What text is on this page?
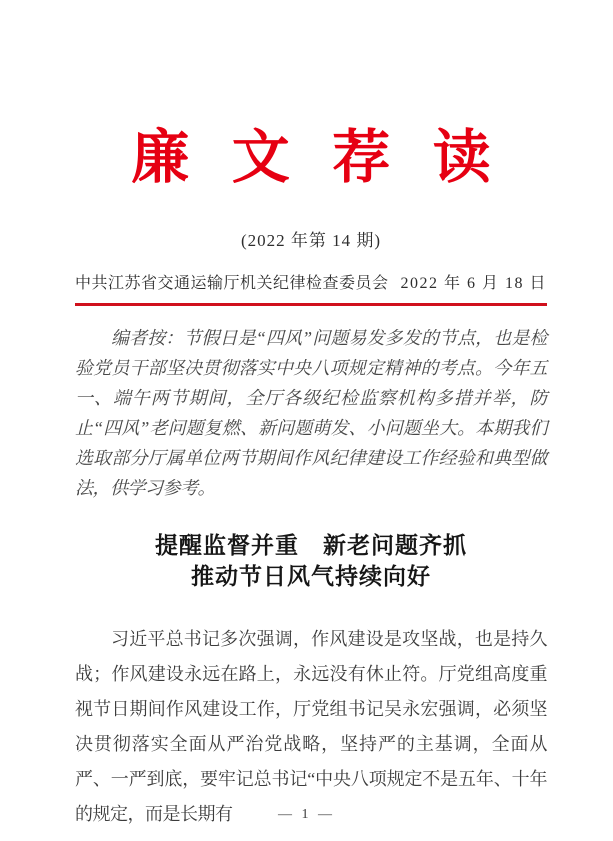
廉 文 荐 读
(2022 年第 14 期)
中共江苏省交通运输厅机关纪律检查委员会 2022 年 6 月 18 日

编者按：节假日是“四风”问题易发多发的节点，也是检验党员干部坚决贯彻落实中央八项规定精神的考点。今年五一、端午两节期间，全厅各级纪检监察机构多措并举，防止“四风”老问题复燃、新问题萌发、小问题坐大。本期我们选取部分厅属单位两节期间作风纪律建设工作经验和典型做法，供学习参考。

提醒监督并重　新老问题齐抓
推动节日风气持续向好

习近平总书记多次强调，作风建设是攻坚战，也是持久战；作风建设永远在路上，永远没有休止符。厅党组高度重视节日期间作风建设工作，厅党组书记吴永宏强调，必须坚决贯彻落实全面从严治党战略，坚持严的主基调，全面从严、一严到底，要牢记总书记“中央八项规定不是五年、十年的规定，而是长期有	— 1 —
